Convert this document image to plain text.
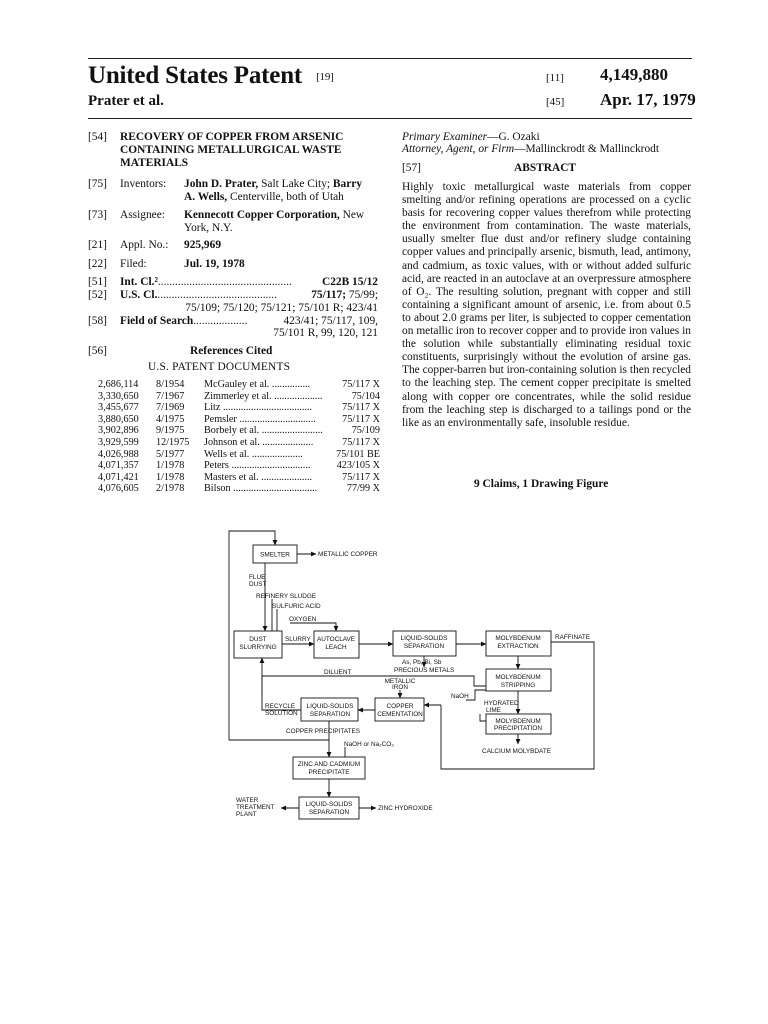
United States Patent [19]
Prater et al.
[11] 4,149,880
[45] Apr. 17, 1979
[54] RECOVERY OF COPPER FROM ARSENIC
CONTAINING METALLURGICAL WASTE
MATERIALS
[75] Inventors: John D. Prater, Salt Lake City; Barry
A. Wells, Centerville, both of Utah
[73] Assignee: Kennecott Copper Corporation, New
York, N.Y.
[21] Appl. No.: 925,969
[22] Filed:	Jul. 19, 1978
[51] Int. Cl.²...............................................	C22B 15/12
[52] U.S. Cl...........................................	75/117; 75/99;
75/109; 75/120; 75/121; 75/101 R; 423/41
[58] Field of Search...................	423/41; 75/117, 109,
75/101 R, 99, 120, 121
[56]	References Cited
U.S. PATENT DOCUMENTS
2,686,114 8/1954 McGauley et al. ...............	75/117 X
3,330,650 7/1967 Zimmerley et al. ...................	75/104
3,455,677 7/1969 Litz ...................................	75/117 X
3,880,650 4/1975 Pemsler ..............................	75/117 X
3,902,896 9/1975 Borbely et al. ........................	75/109
3,929,599 12/1975 Johnson et al. ....................	75/117 X
4,026,988 5/1977 Wells et al. ....................	75/101 BE
4,071,357 1/1978 Peters ...............................	423/105 X
4,071,421 1/1978 Masters et al. ....................	75/117 X
4,076,605 2/1978 Bilson .................................	77/99 X
Primary Examiner—G. Ozaki
Attorney, Agent, or Firm—Mallinckrodt & Mallinckrodt
[57]	ABSTRACT
Highly toxic metallurgical waste materials from copper smelting and/or refining operations are processed on a cyclic basis for recovering copper values therefrom while protecting the environment from contamination. The waste materials, usually smelter flue dust and/or refinery sludge containing copper values and principally arsenic, bismuth, lead, antimony, and cadmium, as toxic values, with or without added sulfuric acid, are reacted in an autoclave at an overpressure atmosphere of O₂. The resulting solution, pregnant with copper and still containing a significant amount of arsenic, i.e. from about 0.5 to about 2.0 grams per liter, is subjected to copper cementation on metallic iron to recover copper and to provide iron values in the solution while substantially eliminating residual toxic constituents, surprisingly without the evolution of arsine gas. The copper-barren but iron-containing solution is then recycled to the leaching step. The cement copper precipitate is smelted along with copper ore concentrates, while the solid residue from the leaching step is discharged to a tailings pond or the like as an environmentally safe, insoluble residue.
9 Claims, 1 Drawing Figure
SMELTER	METALLIC COPPER
FLUE
DUST
REFINERY SLUDGE
SULFURIC ACID
OXYGEN
DUST
SLURRYING
SLURRY AUTOCLAVE
LEACH
LIQUID-SOLIDS
SEPARATION
MOLYBDENUM
EXTRACTION
RAFFINATE
As, Pb, Bi, Sb
PRECIOUS METALS
DILUENT
METALLIC
IRON
MOLYBDENUM
STRIPPING
NaOH
RECYCLE
SOLUTION
LIQUID-SOLIDS
SEPARATION
COPPER
CEMENTATION
HYDRATED
LIME
MOLYBDENUM
PRECIPITATION
COPPER PRECIPITATES
NaOH or Na₂CO₃
CALCIUM MOLYBDATE
ZINC AND CADMIUM
PRECIPITATE
WATER
TREATMENT
PLANT
LIQUID-SOLIDS
SEPARATION
ZINC HYDROXIDE
